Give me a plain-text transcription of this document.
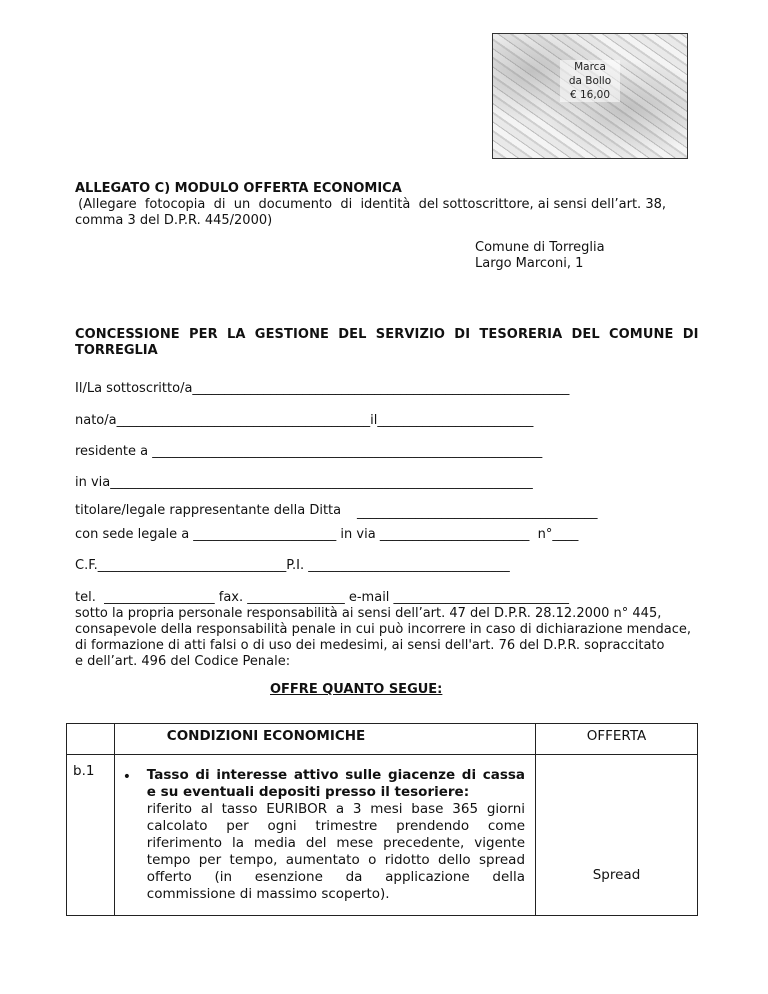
Marca
da Bollo
€ 16,00
ALLEGATO C) MODULO OFFERTA ECONOMICA
(Allegare  fotocopia  di  un  documento  di  identità  del sottoscrittore, ai sensi dell’art. 38,
comma 3 del D.P.R. 445/2000)
Comune di Torreglia
Largo Marconi, 1
CONCESSIONE  PER  LA  GESTIONE  DEL  SERVIZIO  DI  TESORERIA  DEL  COMUNE  DI
TORREGLIA
Il/La sottoscritto/a__________________________________________________________
nato/a_______________________________________il________________________
residente a ____________________________________________________________
in via_________________________________________________________________
titolare/legale rappresentante della Ditta _____________________________________
con sede legale a ______________________ in via _______________________  n°____
C.F._____________________________P.I. _______________________________
tel.  _________________ fax. _______________ e-mail ___________________________
sotto la propria personale responsabilità ai sensi dell’art. 47 del D.P.R. 28.12.2000 n° 445,
consapevole della responsabilità penale in cui può incorrere in caso di dichiarazione mendace,
di formazione di atti falsi o di uso dei medesimi, ai sensi dell'art. 76 del D.P.R. sopraccitato
e dell’art. 496 del Codice Penale:
OFFRE QUANTO SEGUE:

	CONDIZIONI ECONOMICHE	OFFERTA

b.1	• Tasso di interesse attivo sulle giacenze di cassa e su eventuali depositi presso il tesoriere:
riferito al tasso EURIBOR a 3 mesi base 365 giorni calcolato per ogni trimestre prendendo come riferimento la media del mese precedente, vigente tempo per tempo, aumentato o ridotto dello spread offerto (in esenzione da applicazione della commissione di massimo scoperto).	Spread
